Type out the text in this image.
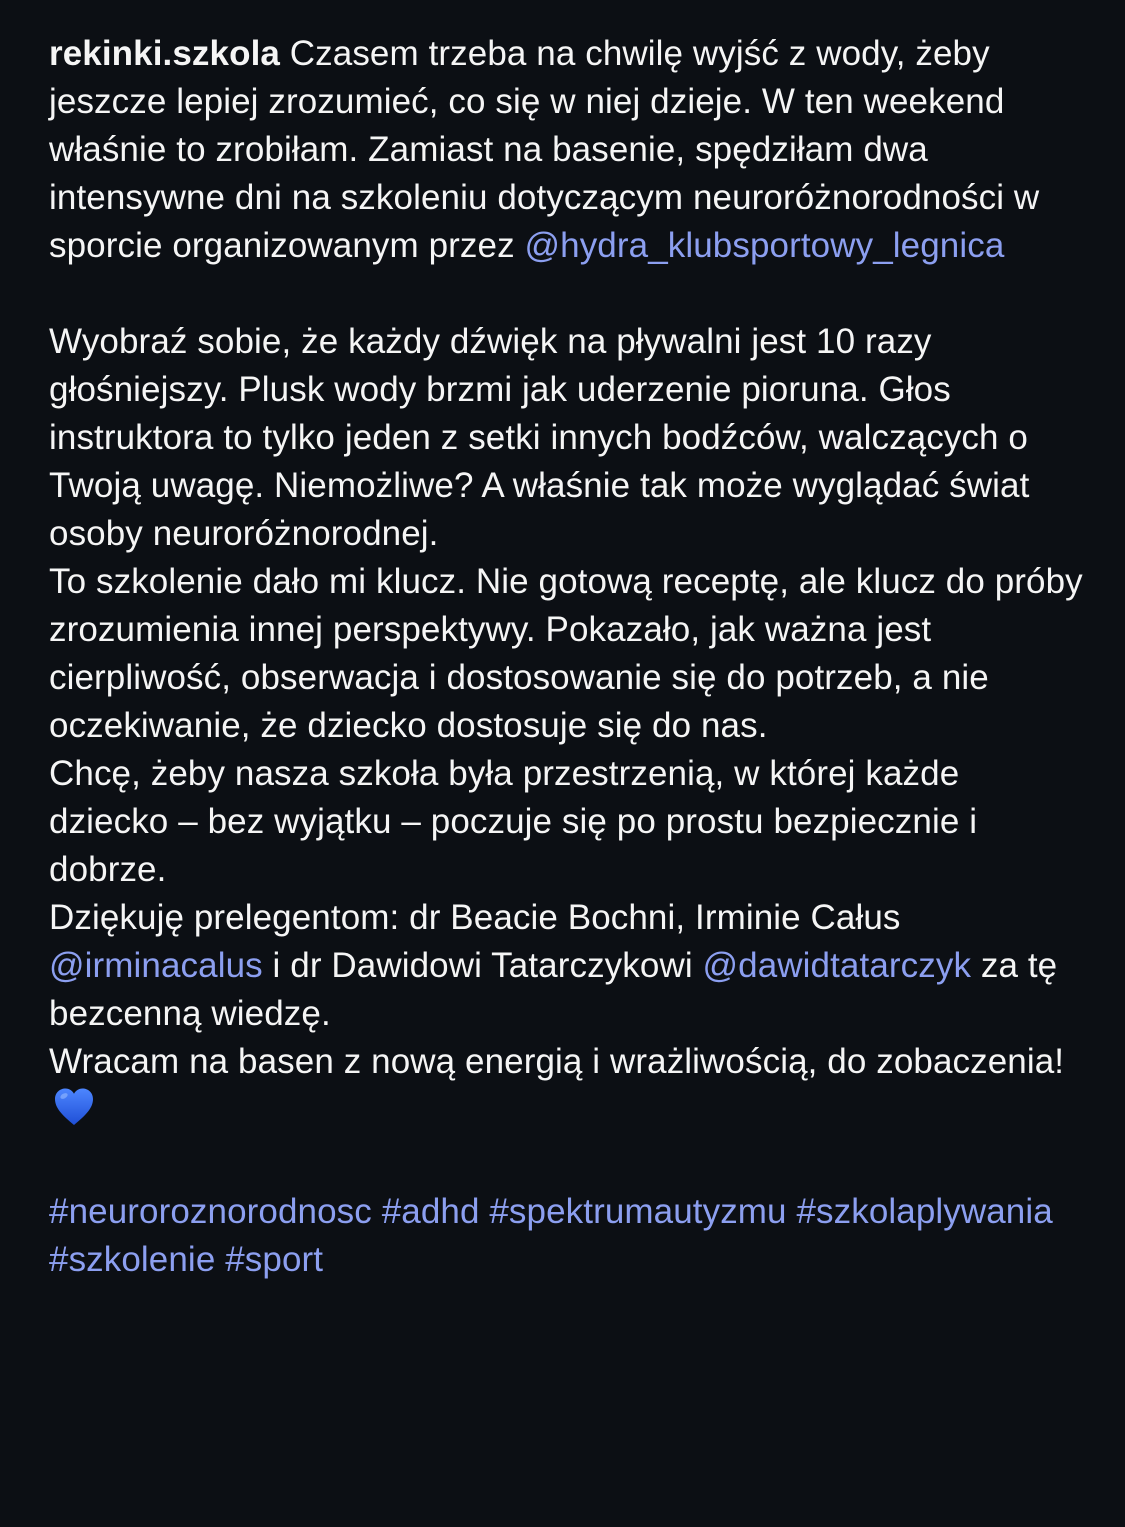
rekinki.szkola Czasem trzeba na chwilę wyjść z wody, żeby jeszcze lepiej zrozumieć, co się w niej dzieje. W ten weekend właśnie to zrobiłam. Zamiast na basenie, spędziłam dwa intensywne dni na szkoleniu dotyczącym neuroróżnorodności w sporcie organizowanym przez @hydra_klubsportowy_legnica

Wyobraź sobie, że każdy dźwięk na pływalni jest 10 razy głośniejszy. Plusk wody brzmi jak uderzenie pioruna. Głos instruktora to tylko jeden z setki innych bodźców, walczących o Twoją uwagę. Niemożliwe? A właśnie tak może wyglądać świat osoby neuroróżnorodnej.

To szkolenie dało mi klucz. Nie gotową receptę, ale klucz do próby zrozumienia innej perspektywy. Pokazało, jak ważna jest cierpliwość, obserwacja i dostosowanie się do potrzeb, a nie oczekiwanie, że dziecko dostosuje się do nas.

Chcę, żeby nasza szkoła była przestrzenią, w której każde dziecko – bez wyjątku – poczuje się po prostu bezpiecznie i dobrze.

Dziękuję prelegentom: dr Beacie Bochni, Irminie Całus @irminacalus i dr Dawidowi Tatarczykowi @dawidtatarczyk za tę bezcenną wiedzę.

Wracam na basen z nową energią i wrażliwością, do zobaczenia!

#neuroroznorodnosc #adhd #spektrumautyzmu #szkolaplywania #szkolenie #sport
